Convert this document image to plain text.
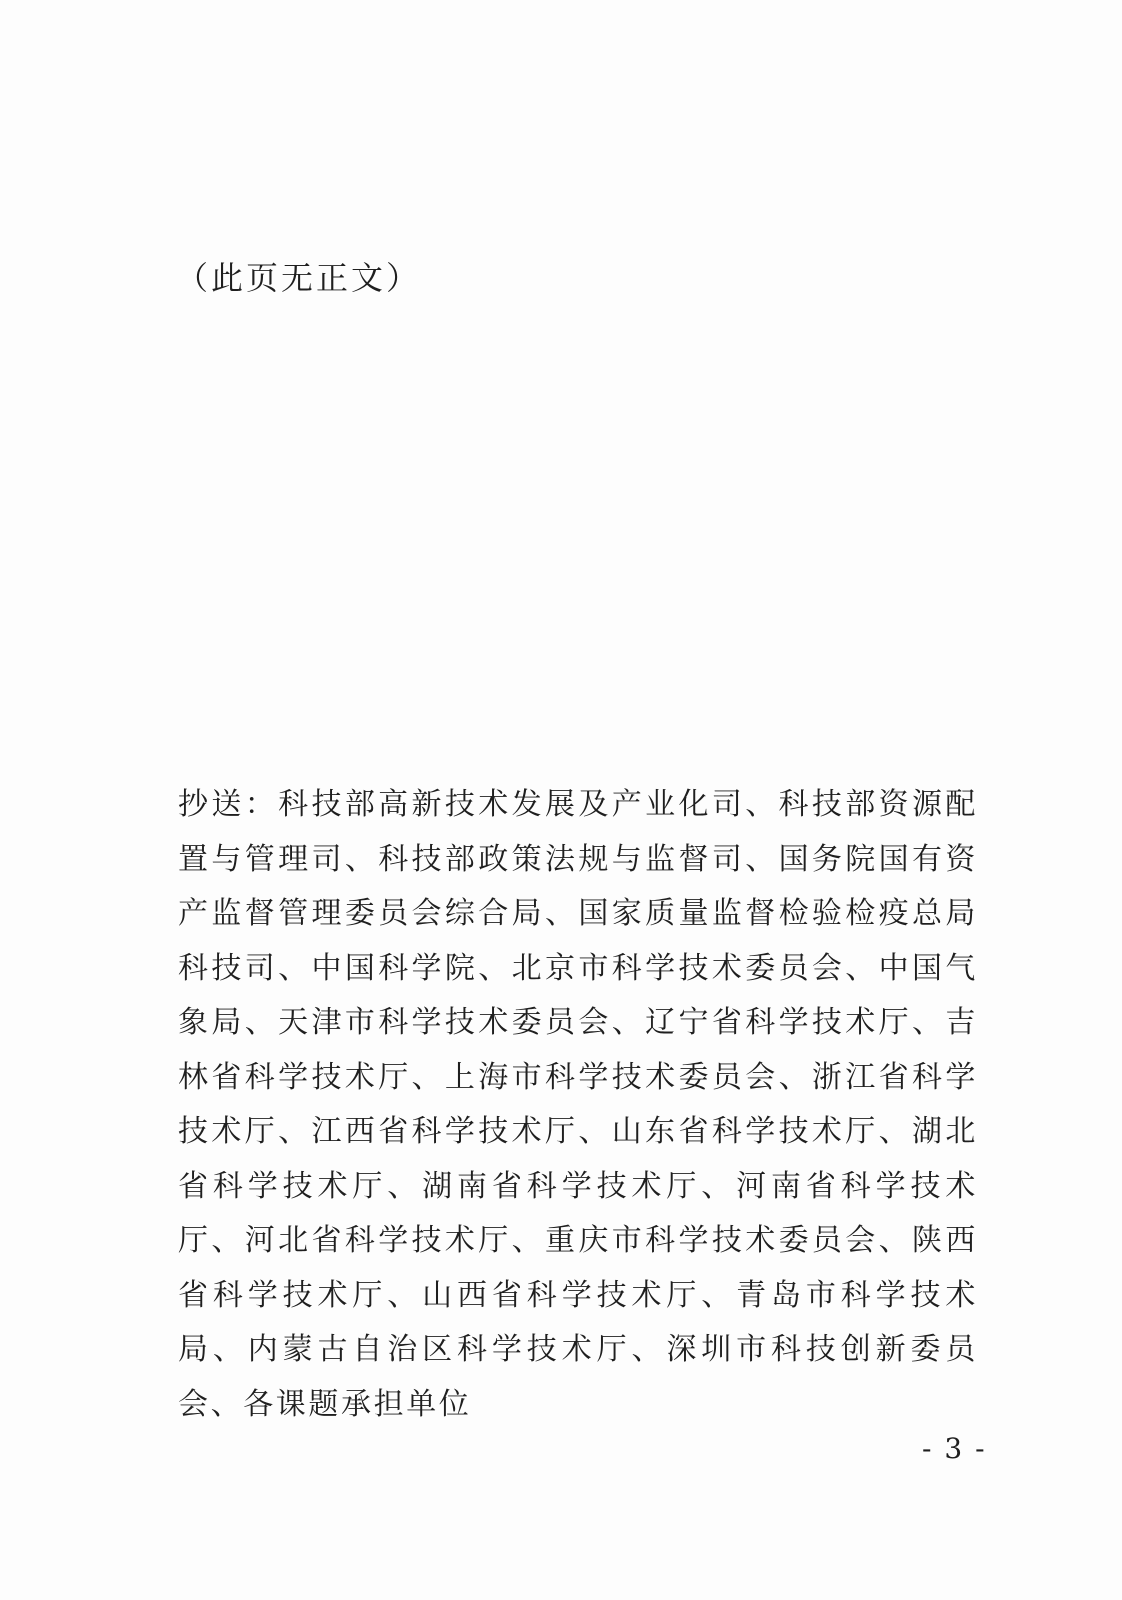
（此页无正文）
抄送：科技部高新技术发展及产业化司、科技部资源配置与管理司、科技部政策法规与监督司、国务院国有资产监督管理委员会综合局、国家质量监督检验检疫总局科技司、中国科学院、北京市科学技术委员会、中国气象局、天津市科学技术委员会、辽宁省科学技术厅、吉林省科学技术厅、上海市科学技术委员会、浙江省科学技术厅、江西省科学技术厅、山东省科学技术厅、湖北省科学技术厅、湖南省科学技术厅、河南省科学技术厅、河北省科学技术厅、重庆市科学技术委员会、陕西省科学技术厅、山西省科学技术厅、青岛市科学技术局、内蒙古自治区科学技术厅、深圳市科技创新委员会、各课题承担单位
- 3 -
